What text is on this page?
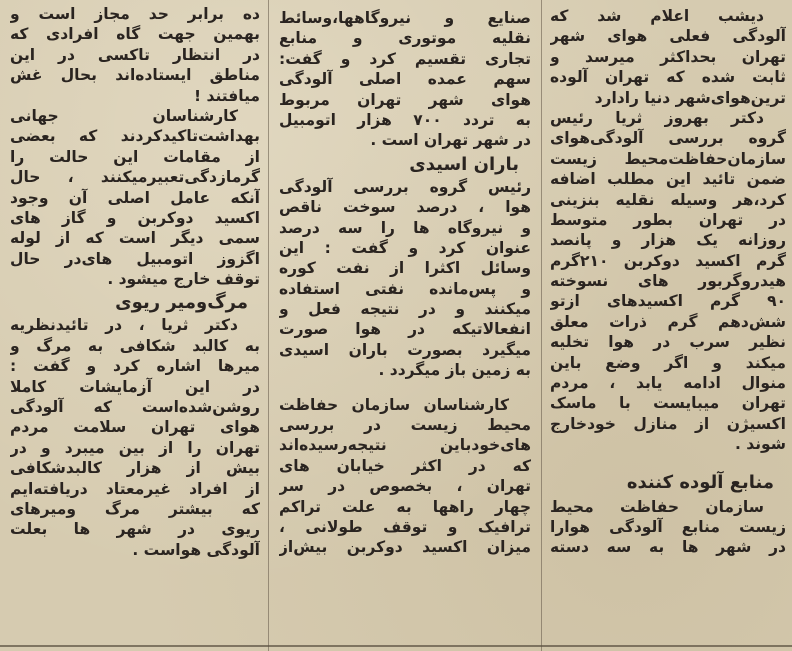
دیشب اعلام شد که
آلودگی فعلی هوای شهر
تهران بحداکثر میرسد و
ثابت شده که تهران آلوده
ترین‌هوای‌شهر دنیا رادارد
دکتر بهروز ثریا رئیس
گروه بررسی آلودگی‌هوای
سازمان‌حفاظت‌محیط زیست
ضمن تائید این مطلب اضافه
کرد،هر وسیله نقلیه بنزینی
در تهران بطور متوسط
روزانه یک هزار و پانصد
گرم اکسید دوکربن ۲۱۰گرم
هیدروگربور های نسوخته
۹۰ گرم اکسیدهای ازتو
شش‌دهم گرم ذرات معلق
نظیر سرب در هوا تخلیه
میکند و اگر وضع باین
منوال ادامه یابد ، مردم
تهران میبایست با ماسک
اکسیژن از منازل خودخارج
شوند .
منابع آلوده کننده
سازمان حفاظت محیط
زیست منابع آلودگی هوارا
در شهر ها به سه دسته
صنایع و نیروگاهها،وسائط
نقلیه موتوری و منابع
تجاری تقسیم کرد و گفت:
سهم عمده اصلی آلودگی
هوای شهر تهران مربوط
به تردد ۷۰۰ هزار اتومبیل
در شهر تهران است .
باران اسیدی
رئیس گروه بررسی آلودگی
هوا ، درصد سوخت ناقص
و نیروگاه ها را سه درصد
عنوان کرد و گفت : این
وسائل اکثرا از نفت کوره
و پس‌مانده نفتی استفاده
میکنند و در نتیجه فعل و
انفعالاتیکه در هوا صورت
میگیرد بصورت باران اسیدی
به زمین باز میگردد .
کارشناسان سازمان حفاظت
محیط زیست در بررسی
های‌خودباین نتیجه‌رسیده‌اند
که در اکثر خیابان های
تهران ، بخصوص در سر
چهار راهها به علت تراکم
ترافیک و توقف طولانی ،
میزان اکسید دوکربن بیش‌از
ده برابر حد مجاز است و
بهمین جهت گاه افرادی که
در انتظار تاکسی در این
مناطق ایستاده‌اند بحال غش
میافتند !
کارشناسان جهانی
بهداشت‌تاکیدکردند که بعضی
از مقامات این حالت را
گرمازدگی‌تعبیرمیکنند ، حال
آنکه عامل اصلی آن وجود
اکسید دوکربن و گاز های
سمی دیگر است که از لوله
اگزوز اتومبیل های‌در حال
توقف خارج میشود .
مرگ‌ومیر ریوی
دکتر ثریا ، در تائیدنظریه
به کالبد شکافی به مرگ و
میرها اشاره کرد و گفت :
در این آزمایشات کاملا
روشن‌شده‌است که آلودگی
هوای تهران سلامت مردم
تهران را از بین میبرد و در
بیش از هزار کالبدشکافی
از افراد غیرمعتاد دریافته‌ایم
که بیشتر مرگ ومیرهای
ریوی در شهر ها بعلت
آلودگی هواست .
